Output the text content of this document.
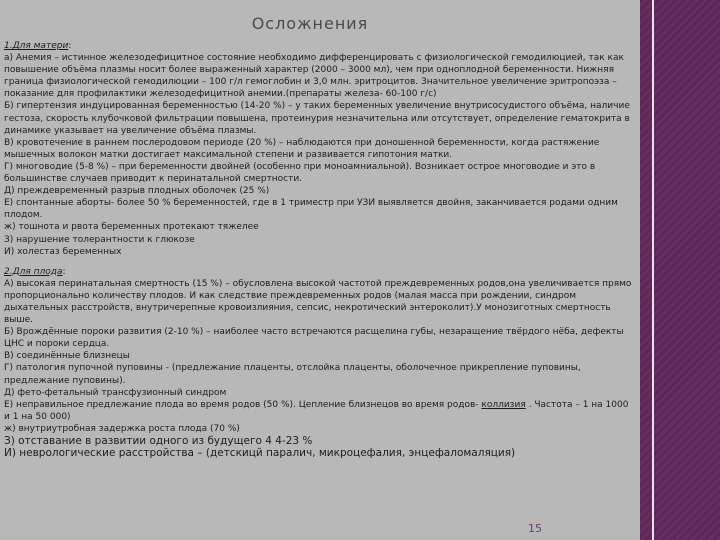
Осложнения

1.Для матери:

а) Анемия – истинное железодефицитное состояние необходимо дифференцировать с физиологической гемодилюцией, так как повышение объёма плазмы носит более выраженный характер (2000 – 3000 мл), чем при одноплодной беременности. Нижняя граница физиологической гемодилюции – 100 г/л гемоглобин и 3,0 млн. эритроцитов. Значительное увеличение эритропоэза – показание для профилактики железодефицитной анемии.(препараты железа- 60-100 г/с)

Б) гипертензия индуцированная беременностью (14-20 %) – у таких беременных увеличение внутрисосудистого объёма, наличие гестоза, скорость клубочковой фильтрации повышена, протеинурия незначительна или отсутствует, определение гематокрита в динамике указывает на увеличение объёма плазмы.

В) кровотечение в раннем послеродовом периоде (20 %) – наблюдаются при доношенной беременности, когда растяжение мышечных волокон матки достигает максимальной степени и развивается гипотония матки.

Г) многоводие (5-8 %) – при беременности двойней (особенно при моноамниальной). Возникает острое многоводие и это в большинстве случаев приводит к перинатальной смертности.

Д) преждевременный разрыв плодных оболочек (25 %)

Е) спонтанные аборты- более 50 % беременностей, где в 1 триместр при УЗИ выявляется двойня, заканчивается родами одним плодом.

ж) тошнота и рвота беременных протекают тяжелее

З) нарушение толерантности к глюкозе

И) холестаз беременных

2.Для плода:

А) высокая перинатальная смертность (15 %) – обусловлена высокой частотой преждевременных родов,она увеличивается прямо пропорционально количеству плодов. И как следствие преждевременных родов (малая масса при рождении, синдром дыхательных расстройств, внутричерепные кровоизлияния, сепсис, некротический энтероколит).У монозиготных смертность выше.

Б) Врождённые пороки развития (2-10 %) – наиболее часто встречаются расщелина губы, незаращение твёрдого нёба, дефекты ЦНС и пороки сердца.

В) соединённые близнецы

Г) патология пупочной пуповины - (предлежание плаценты, отслойка плаценты, оболочечное прикрепление пуповины, предлежание пуповины).

Д) фето-фетальный трансфузионный синдром

Е) неправильное предлежание плода во время родов (50 %). Цепление близнецов во время родов- коллизия . Частота – 1 на 1000 и 1 на 50 000)

ж) внутриутробная задержка роста плода (70 %)

З) отставание в развитии одного из будущего 4 4-23 %

И) неврологические расстройства – (детскицй паралич, микроцефалия, энцефаломаляция)

15
